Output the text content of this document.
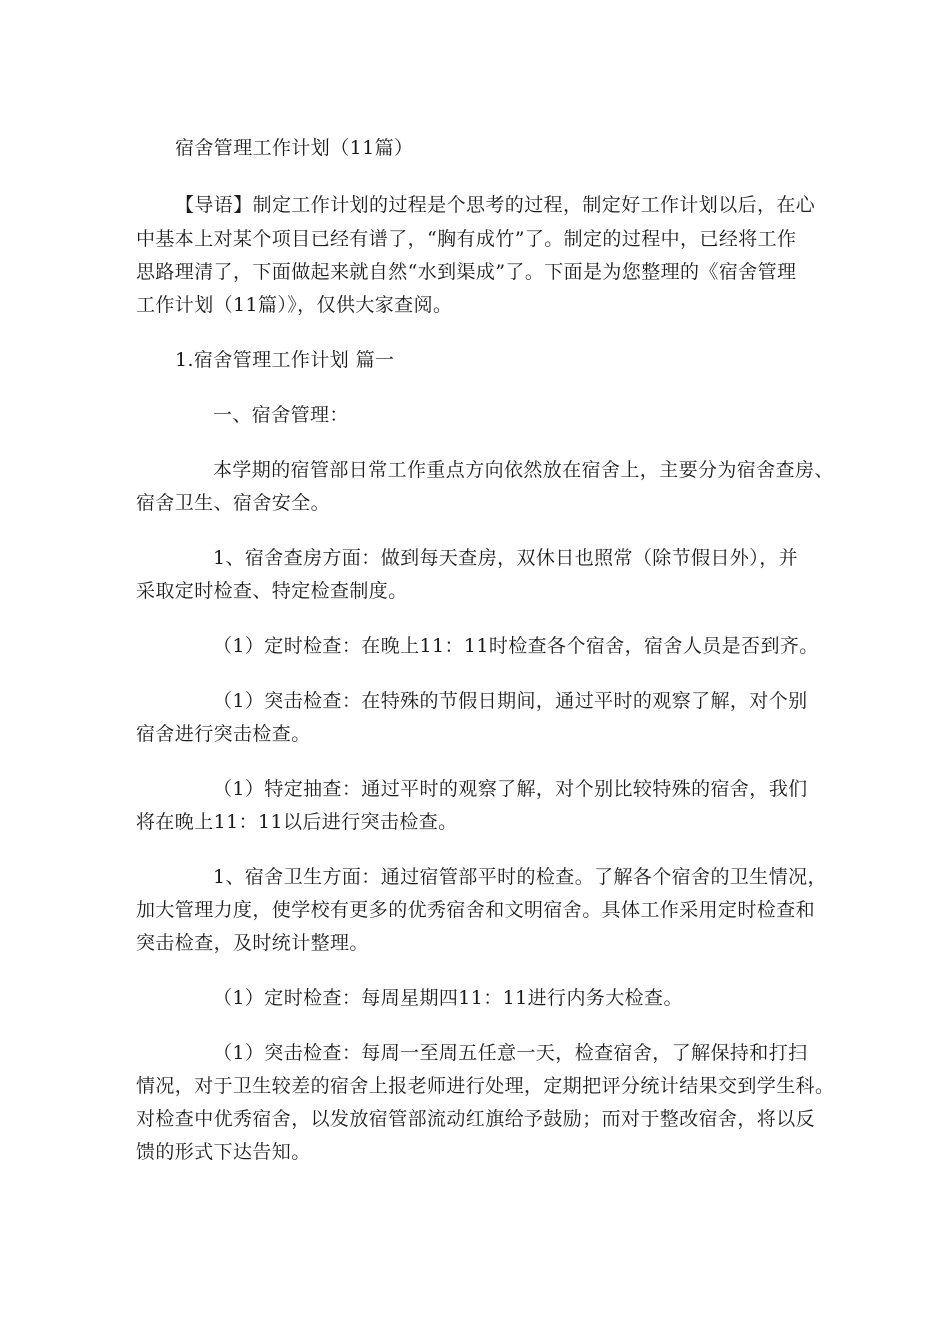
宿舍管理工作计划（11篇）
【导语】制定工作计划的过程是个思考的过程，制定好工作计划以后，在心
中基本上对某个项目已经有谱了，“胸有成竹”了。制定的过程中，已经将工作
思路理清了，下面做起来就自然“水到渠成”了。下面是为您整理的《宿舍管理
工作计划（11篇）》，仅供大家查阅。
1.宿舍管理工作计划 篇一
一、宿舍管理：
本学期的宿管部日常工作重点方向依然放在宿舍上，主要分为宿舍查房、
宿舍卫生、宿舍安全。
1、宿舍查房方面：做到每天查房，双休日也照常（除节假日外），并
采取定时检查、特定检查制度。
（1）定时检查：在晚上11：11时检查各个宿舍，宿舍人员是否到齐。
（1）突击检查：在特殊的节假日期间，通过平时的观察了解，对个别
宿舍进行突击检查。
（1）特定抽查：通过平时的观察了解，对个别比较特殊的宿舍，我们
将在晚上11：11以后进行突击检查。
1、宿舍卫生方面：通过宿管部平时的检查。了解各个宿舍的卫生情况，
加大管理力度，使学校有更多的优秀宿舍和文明宿舍。具体工作采用定时检查和
突击检查，及时统计整理。
（1）定时检查：每周星期四11：11进行内务大检查。
（1）突击检查：每周一至周五任意一天，检查宿舍，了解保持和打扫
情况，对于卫生较差的宿舍上报老师进行处理，定期把评分统计结果交到学生科。
对检查中优秀宿舍，以发放宿管部流动红旗给予鼓励；而对于整改宿舍，将以反
馈的形式下达告知。
